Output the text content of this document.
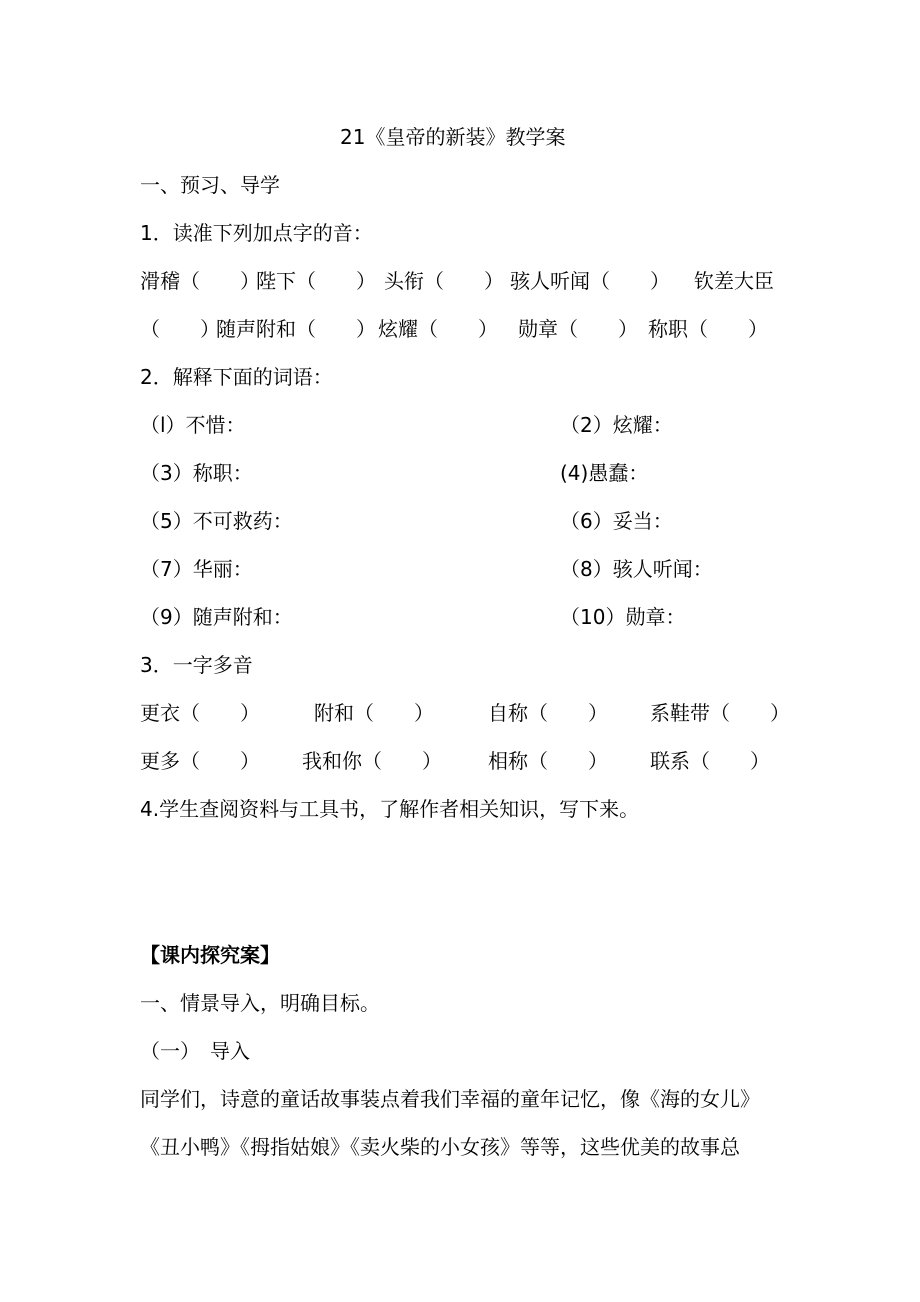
21《皇帝的新装》教学案
一、预习、导学
1．读准下列加点字的音：
滑稽（　　）
陛下（　　） 头衔（　　） 骇人听闻（　　） 钦差大臣
（　　）
随声附和（　　） 炫耀（　　） 勋章（　　） 称职（　　）
2．解释下面的词语：
（l）不惜：	（2）炫耀：
（3）称职：	(4)愚蠢：
（5）不可救药：	（6）妥当：
（7）华丽：	（8）骇人听闻：
（9）随声附和：	（10）勋章：
3．一字多音
更衣（　　）	附和（　　）	自称（　　） 系鞋带（　　）
更多（　　） 我和你（　　） 相称（　　） 联系（　　）
4.学生查阅资料与工具书，了解作者相关知识，写下来。
【课内探究案】
一、情景导入，明确目标。
（一）　导入
同学们，诗意的童话故事装点着我们幸福的童年记忆，像《海的女儿》
《丑小鸭》《拇指姑娘》《卖火柴的小女孩》等等，这些优美的故事总
